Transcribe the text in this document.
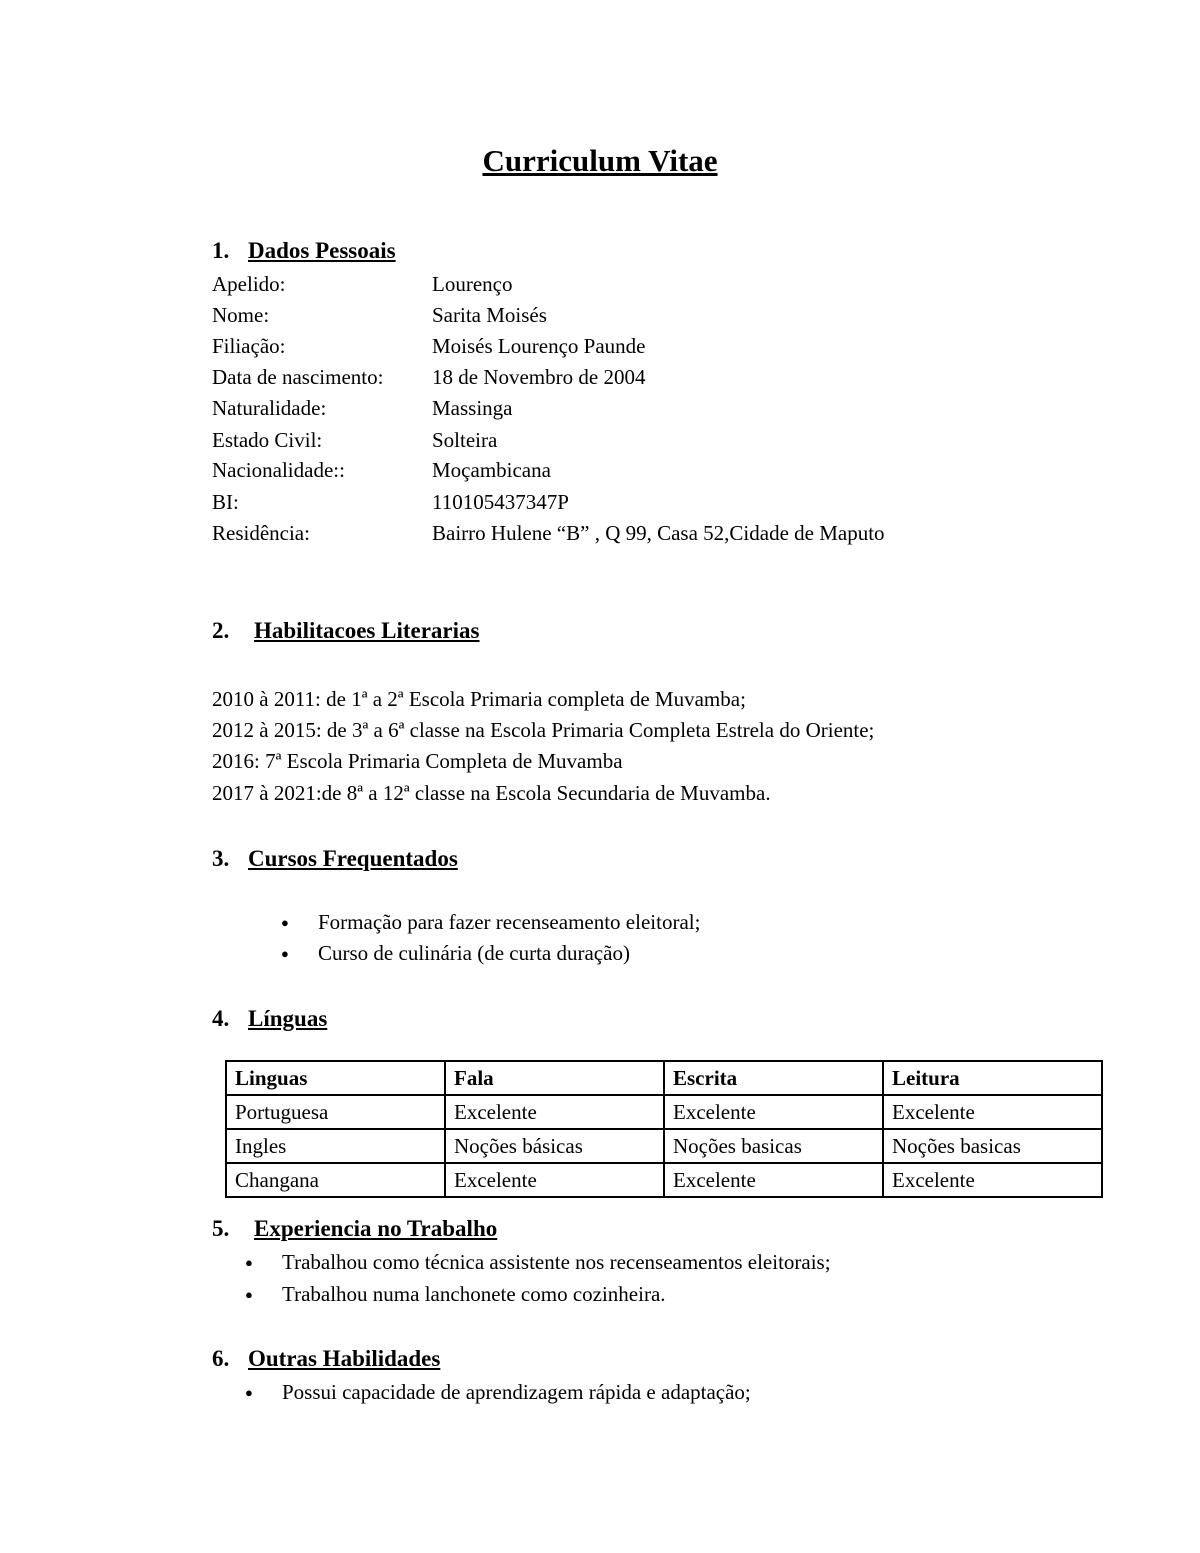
Curriculum Vitae
1. Dados Pessoais
Apelido:	Lourenço
Nome:	Sarita Moisés
Filiação:	Moisés Lourenço Paunde
Data de nascimento: 18 de Novembro de 2004
Naturalidade:	Massinga
Estado Civil:	Solteira
Nacionalidade::	Moçambicana
BI:	110105437347P
Residência:	Bairro Hulene “B” , Q 99, Casa 52,Cidade de Maputo
2. Habilitacoes Literarias
2010 à 2011: de 1ª a 2ª Escola Primaria completa de Muvamba;
2012 à 2015: de 3ª a 6ª classe na Escola Primaria Completa Estrela do Oriente;
2016: 7ª Escola Primaria Completa de Muvamba
2017 à 2021:de 8ª a 12ª classe na Escola Secundaria de Muvamba.
3. Cursos Frequentados
● Formação para fazer recenseamento eleitoral;
● Curso de culinária (de curta duração)
4. Línguas
Linguas	Fala	Escrita	Leitura
Portuguesa	Excelente	Excelente	Excelente
Ingles	Noções básicas	Noções basicas	Noções basicas
Changana	Excelente	Excelente	Excelente
5. Experiencia no Trabalho
● Trabalhou como técnica assistente nos recenseamentos eleitorais;
● Trabalhou numa lanchonete como cozinheira.
6. Outras Habilidades
● Possui capacidade de aprendizagem rápida e adaptação;
